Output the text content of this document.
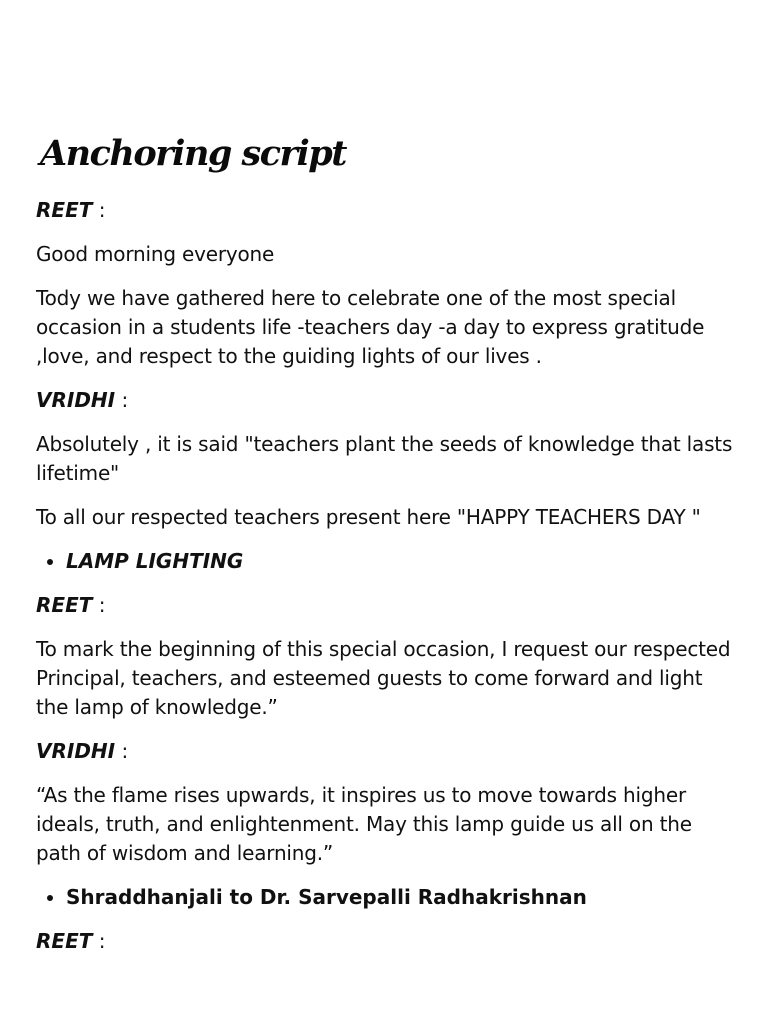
Anchoring script
REET :

Good morning everyone

Tody we have gathered here to celebrate one of the most special occasion in a students life -teachers day -a day to express gratitude ,love, and respect to the guiding lights of our lives .

VRIDHI :

Absolutely , it is said "teachers plant the seeds of knowledge that lasts lifetime"

To all our respected teachers present here "HAPPY TEACHERS DAY "

• LAMP LIGHTING
REET :

To mark the beginning of this special occasion, I request our respected Principal, teachers, and esteemed guests to come forward and light the lamp of knowledge.”

VRIDHI :

“As the flame rises upwards, it inspires us to move towards higher ideals, truth, and enlightenment. May this lamp guide us all on the path of wisdom and learning.”

• Shraddhanjali to Dr. Sarvepalli Radhakrishnan
REET :
